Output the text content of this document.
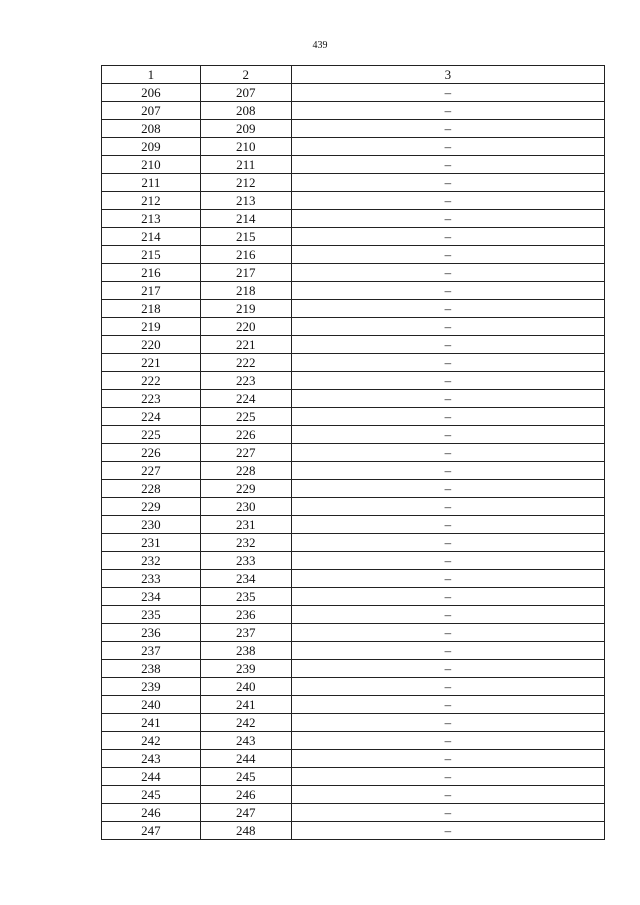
439
1	2	3
206	207	–
207	208	–
208	209	–
209	210	–
210	211	–
211	212	–
212	213	–
213	214	–
214	215	–
215	216	–
216	217	–
217	218	–
218	219	–
219	220	–
220	221	–
221	222	–
222	223	–
223	224	–
224	225	–
225	226	–
226	227	–
227	228	–
228	229	–
229	230	–
230	231	–
231	232	–
232	233	–
233	234	–
234	235	–
235	236	–
236	237	–
237	238	–
238	239	–
239	240	–
240	241	–
241	242	–
242	243	–
243	244	–
244	245	–
245	246	–
246	247	–
247	248	–
